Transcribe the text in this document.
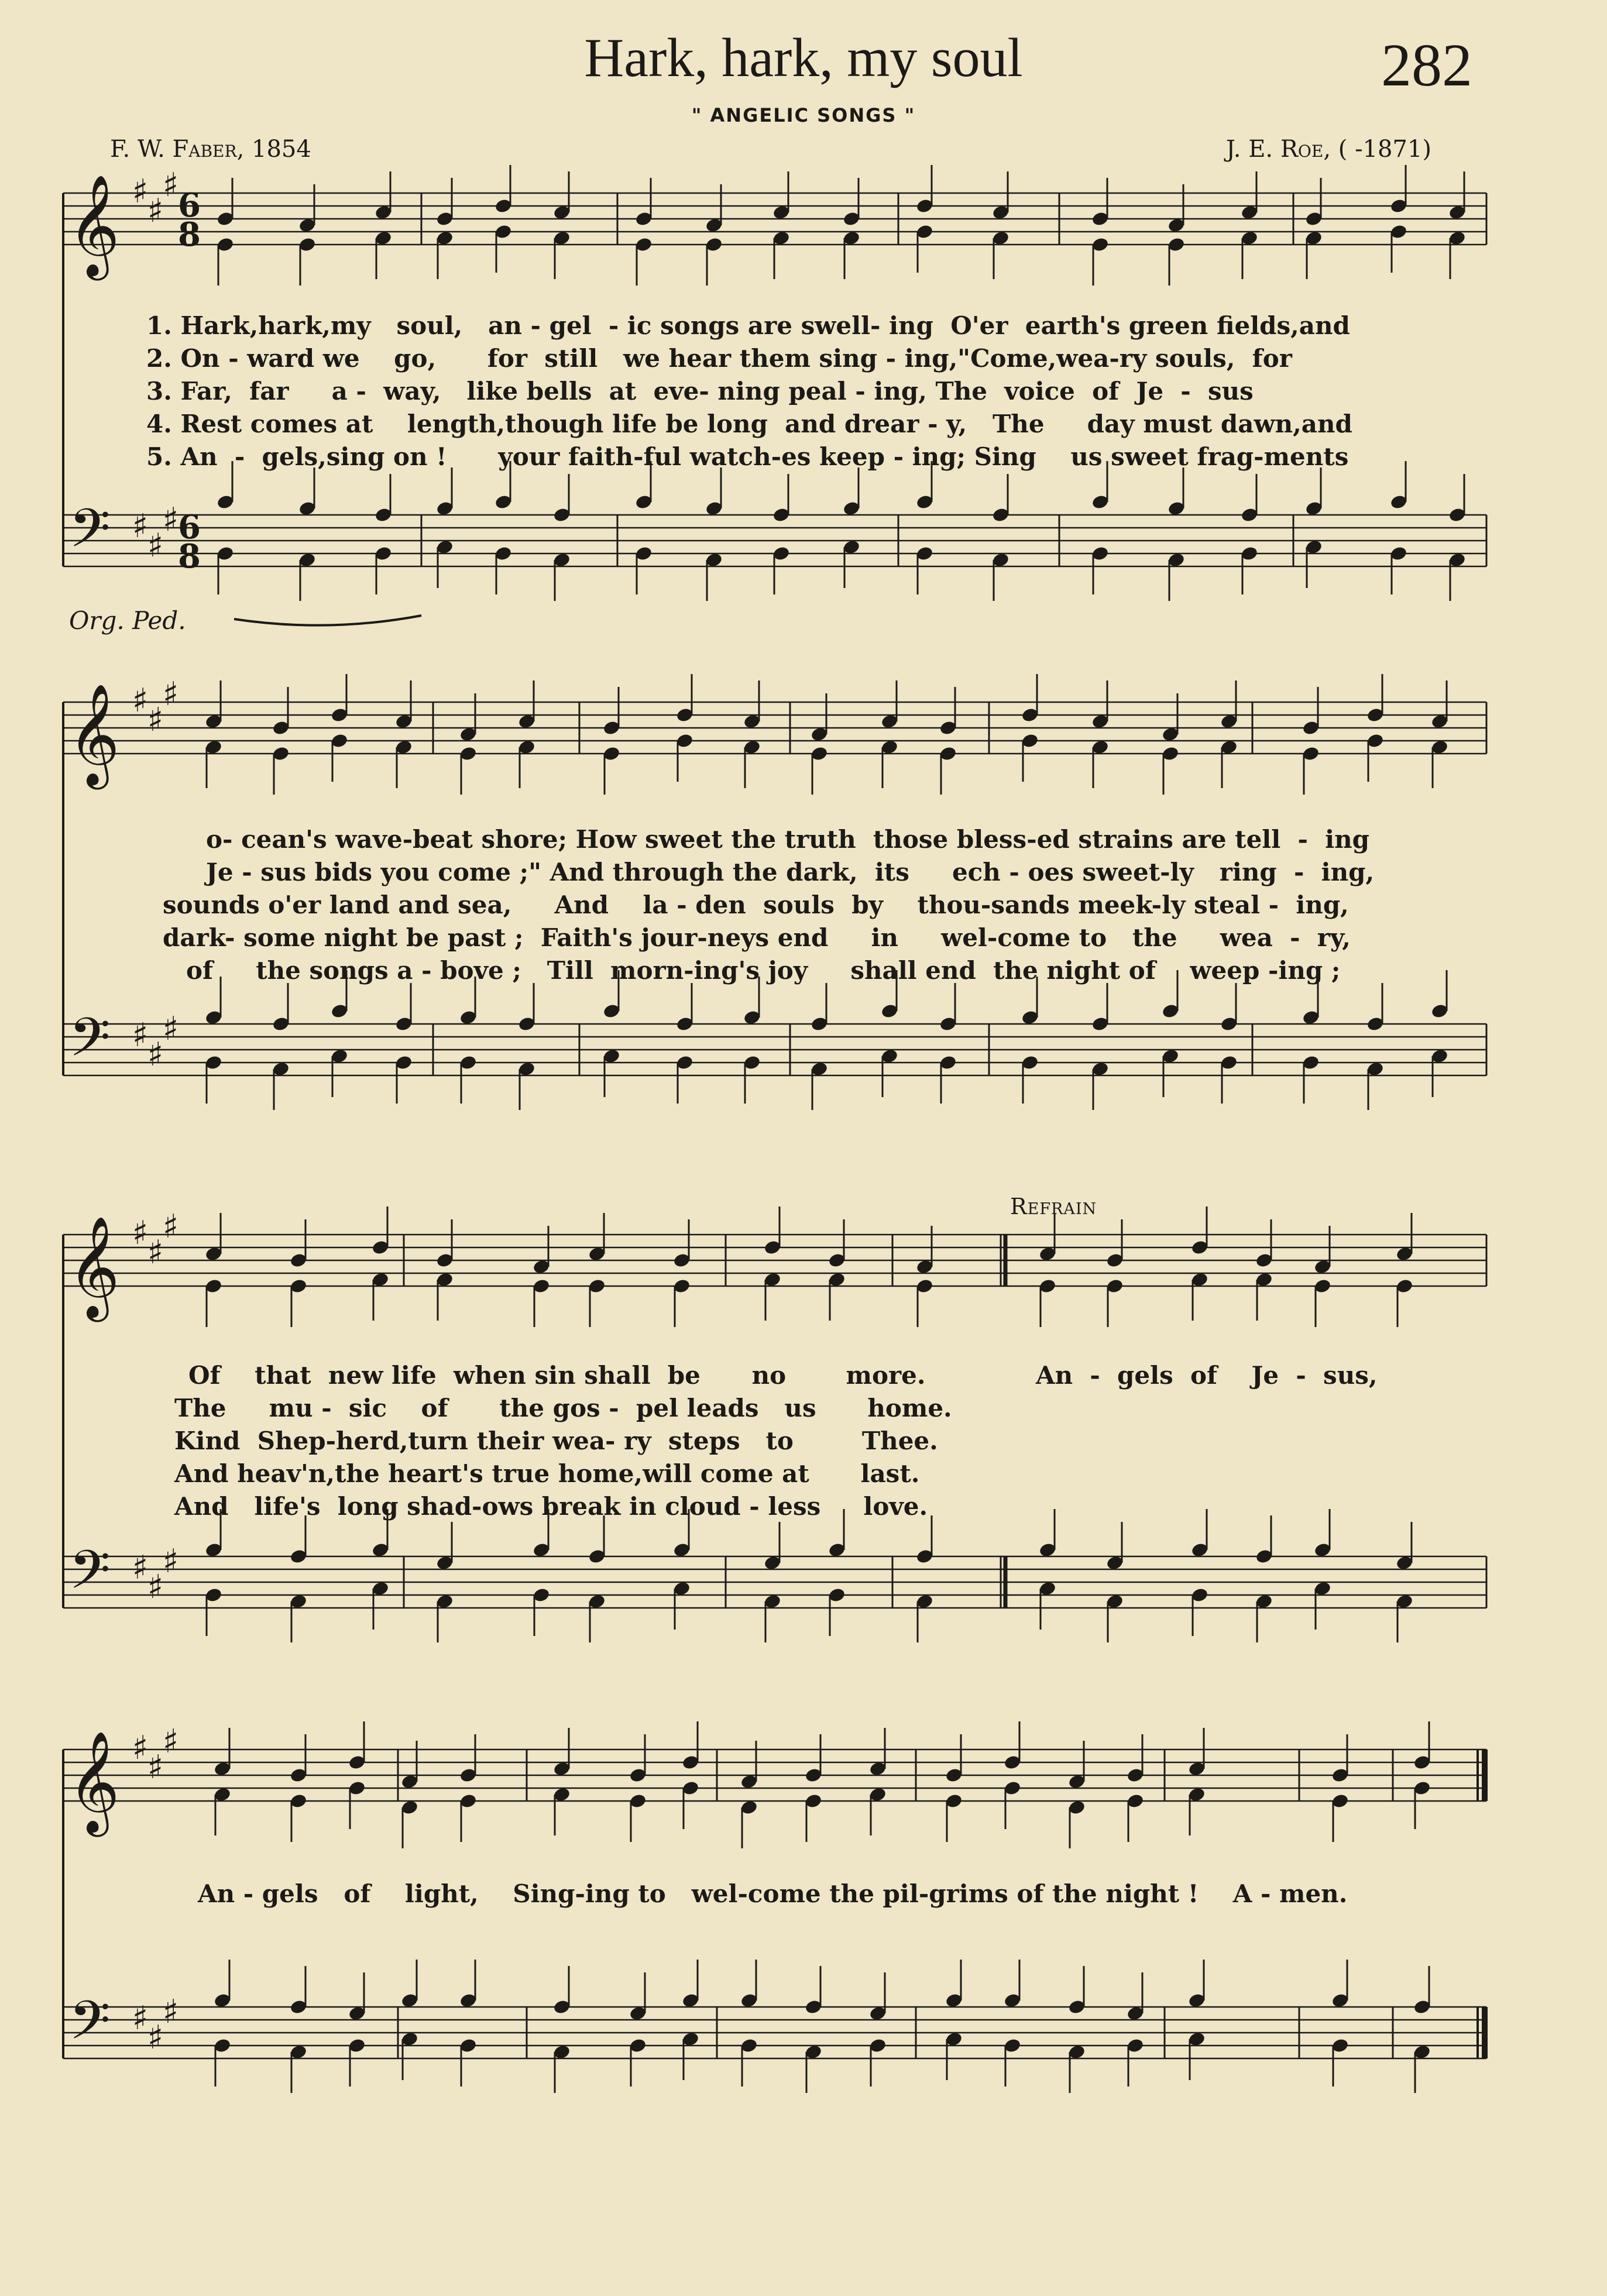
Hark, hark, my soul	282
" ANGELIC SONGS "
F. W. Faber, 1854	J. E. Roe, ( -1871)
𝄞 ♯
♯
♯
6
8
𝄢 ♯
♯
♯
6
8
𝄞 ♯
♯
♯
𝄢 ♯
♯
♯
𝄞 ♯
♯
♯
𝄢 ♯
♯
♯
𝄞 ♯
♯
♯
𝄢 ♯
♯
♯
1. Hark,hark,my   soul,   an - gel  - ic songs are swell- ing  O'er  earth's green fields,and
2. On - ward we    go,      for  still   we hear them sing - ing,"Come,wea-ry souls,  for
3. Far,  far     a -  way,   like bells  at  eve- ning peal - ing, The  voice  of  Je  -  sus
4. Rest comes at    length,though life be long  and drear - y,   The     day must dawn,and
5. An  -  gels,sing on !      your faith-ful watch-es keep - ing; Sing    us sweet frag-ments
Org. Ped.
o- cean's wave-beat shore; How sweet the truth  those bless-ed strains are tell  -  ing
Je - sus bids you come ;" And through the dark,  its     ech - oes sweet-ly   ring  -  ing,
sounds o'er land and sea,     And    la - den  souls  by    thou-sands meek-ly steal -  ing,
dark- some night be past ;  Faith's jour-neys end     in     wel-come to   the     wea  -  ry,
of     the songs a - bove ;   Till  morn-ing's joy     shall end  the night of    weep -ing ;
Refrain
Of    that  new life  when sin shall  be      no       more.
The     mu -  sic    of      the gos -  pel leads   us      home.
Kind  Shep-herd,turn their wea- ry  steps   to        Thee.
And heav'n,the heart's true home,will come at      last.
And   life's  long shad-ows break in cloud - less     love.
An  -  gels  of    Je  -  sus,
An - gels   of    light,    Sing-ing to   wel-come the pil-grims of the night !    A - men.
